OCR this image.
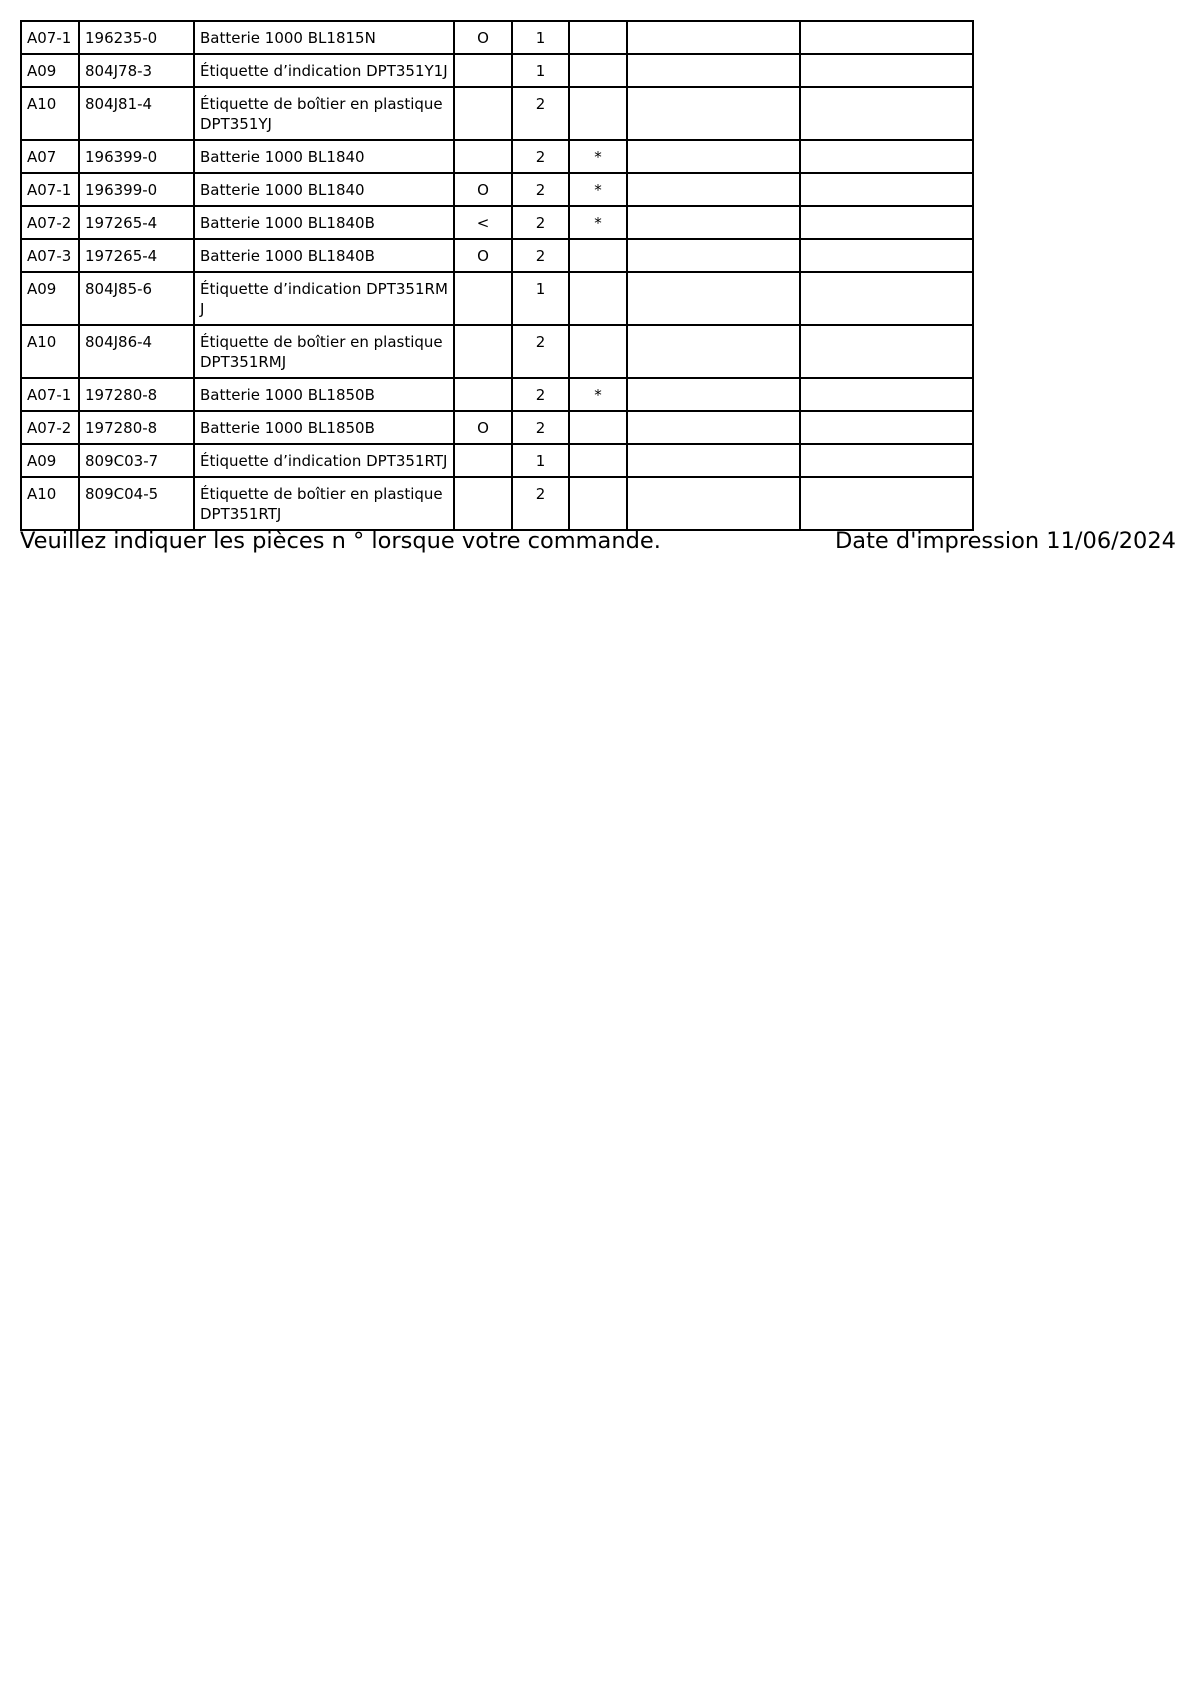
A07-1	196235-0	Batterie 1000 BL1815N	O	1			
A09	804J78-3	Étiquette d’indication DPT351Y1J		1			
A10	804J81-4	Étiquette de boîtier en plastique DPT351YJ		2			
A07	196399-0	Batterie 1000 BL1840		2	*		
A07-1	196399-0	Batterie 1000 BL1840	O	2	*		
A07-2	197265-4	Batterie 1000 BL1840B	<	2	*		
A07-3	197265-4	Batterie 1000 BL1840B	O	2			
A09	804J85-6	Étiquette d’indication DPT351RM J		1			
A10	804J86-4	Étiquette de boîtier en plastique DPT351RMJ		2			
A07-1	197280-8	Batterie 1000 BL1850B		2	*		
A07-2	197280-8	Batterie 1000 BL1850B	O	2			
A09	809C03-7	Étiquette d’indication DPT351RTJ		1			
A10	809C04-5	Étiquette de boîtier en plastique DPT351RTJ		2			
Veuillez indiquer les pièces n ° lorsque votre commande.	Date d'impression 11/06/2024
